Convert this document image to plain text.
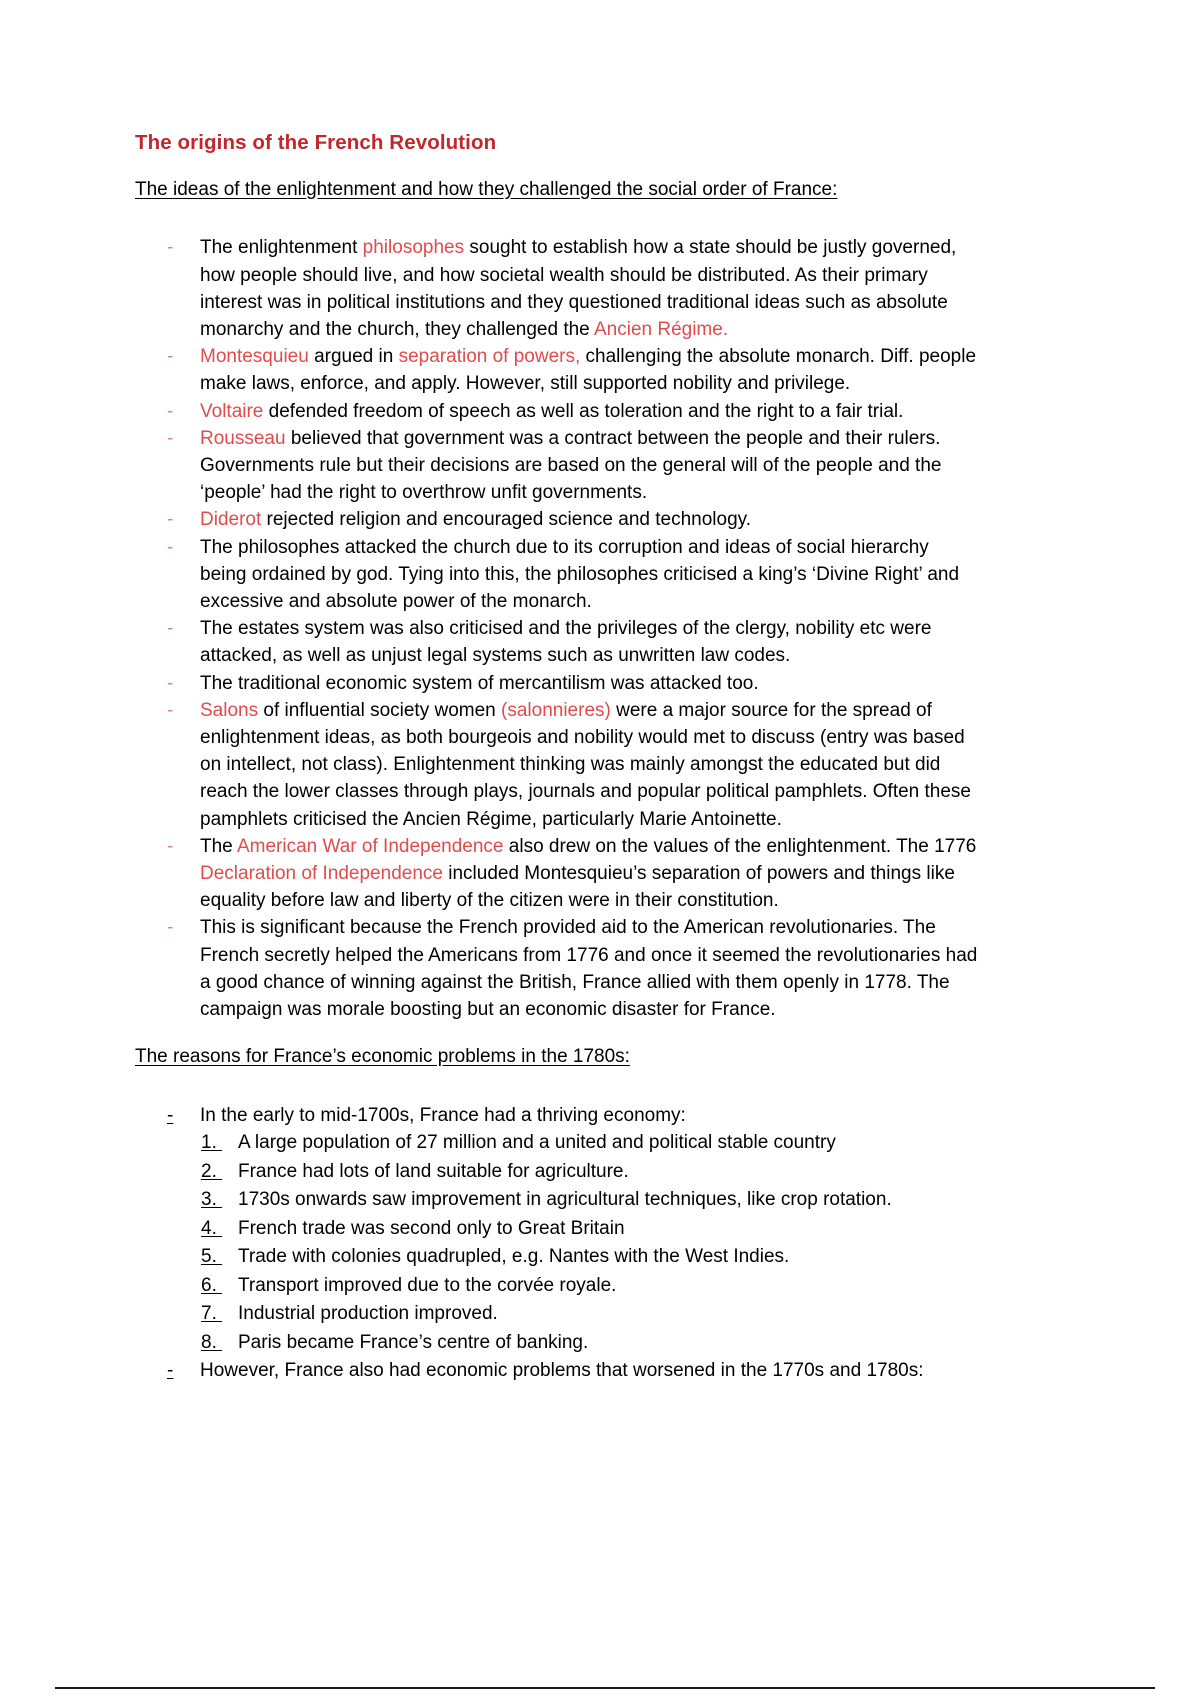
The origins of the French Revolution
The ideas of the enlightenment and how they challenged the social order of France:
- The enlightenment philosophes sought to establish how a state should be justly governed, how people should live, and how societal wealth should be distributed. As their primary interest was in political institutions and they questioned traditional ideas such as absolute monarchy and the church, they challenged the Ancien Régime.
- Montesquieu argued in separation of powers, challenging the absolute monarch. Diff. people make laws, enforce, and apply. However, still supported nobility and privilege.
- Voltaire defended freedom of speech as well as toleration and the right to a fair trial.
- Rousseau believed that government was a contract between the people and their rulers. Governments rule but their decisions are based on the general will of the people and the ‘people’ had the right to overthrow unfit governments.
- Diderot rejected religion and encouraged science and technology.
- The philosophes attacked the church due to its corruption and ideas of social hierarchy being ordained by god. Tying into this, the philosophes criticised a king’s ‘Divine Right’ and excessive and absolute power of the monarch.
- The estates system was also criticised and the privileges of the clergy, nobility etc were attacked, as well as unjust legal systems such as unwritten law codes.
- The traditional economic system of mercantilism was attacked too.
- Salons of influential society women (salonnieres) were a major source for the spread of enlightenment ideas, as both bourgeois and nobility would met to discuss (entry was based on intellect, not class). Enlightenment thinking was mainly amongst the educated but did reach the lower classes through plays, journals and popular political pamphlets. Often these pamphlets criticised the Ancien Régime, particularly Marie Antoinette.
- The American War of Independence also drew on the values of the enlightenment. The 1776 Declaration of Independence included Montesquieu’s separation of powers and things like equality before law and liberty of the citizen were in their constitution.
- This is significant because the French provided aid to the American revolutionaries. The French secretly helped the Americans from 1776 and once it seemed the revolutionaries had a good chance of winning against the British, France allied with them openly in 1778. The campaign was morale boosting but an economic disaster for France.
The reasons for France’s economic problems in the 1780s:
- In the early to mid-1700s, France had a thriving economy:
1. A large population of 27 million and a united and political stable country
2. France had lots of land suitable for agriculture.
3. 1730s onwards saw improvement in agricultural techniques, like crop rotation.
4. French trade was second only to Great Britain
5. Trade with colonies quadrupled, e.g. Nantes with the West Indies.
6. Transport improved due to the corvée royale.
7. Industrial production improved.
8. Paris became France’s centre of banking.
- However, France also had economic problems that worsened in the 1770s and 1780s:
